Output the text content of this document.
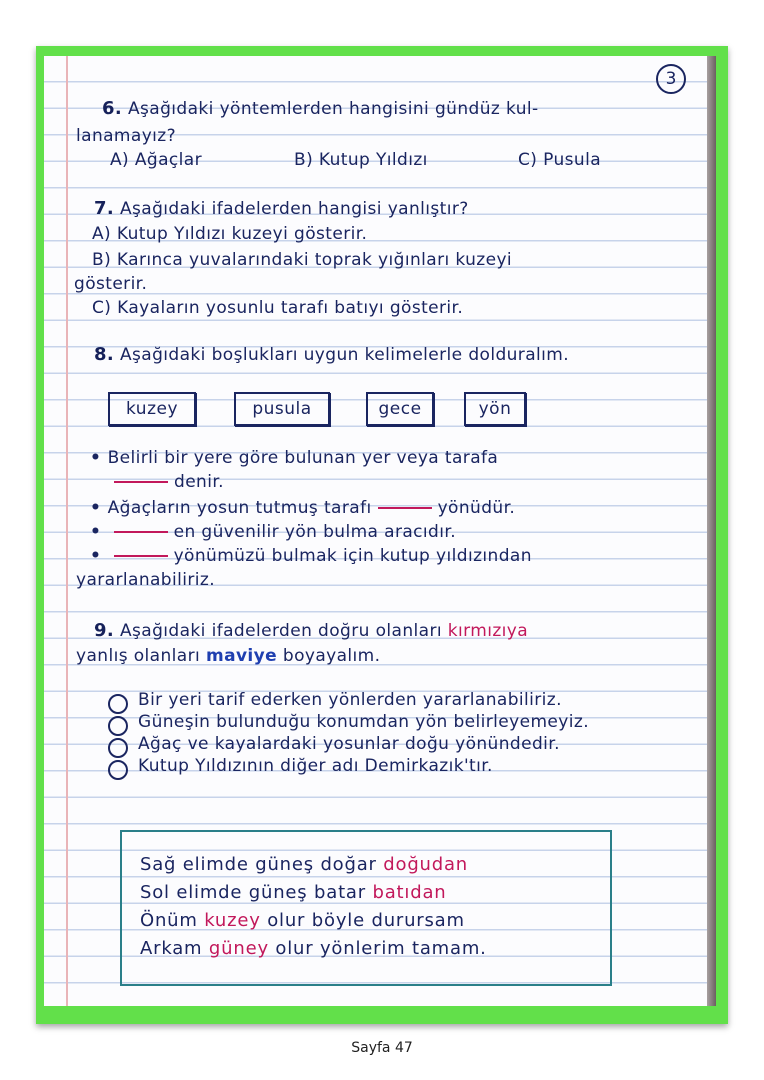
3
6. Aşağıdaki yöntemlerden hangisini gündüz kul-
lanamayız?
A) Ağaçlar	B) Kutup Yıldızı	C) Pusula
7. Aşağıdaki ifadelerden hangisi yanlıştır?
A) Kutup Yıldızı kuzeyi gösterir.
B) Karınca yuvalarındaki toprak yığınları kuzeyi
gösterir.
C) Kayaların yosunlu tarafı batıyı gösterir.
8. Aşağıdaki boşlukları uygun kelimelerle dolduralım.
kuzey	pusula	gece	yön
• Belirli bir yere göre bulunan yer veya tarafa
denir.
• Ağaçların yosun tutmuş tarafı	yönüdür.
• en güvenilir yön bulma aracıdır.
• yönümüzü bulmak için kutup yıldızından
yararlanabiliriz.
9. Aşağıdaki ifadelerden doğru olanları kırmızıya
yanlış olanları maviye boyayalım.
Bir yeri tarif ederken yönlerden yararlanabiliriz.
Güneşin bulunduğu konumdan yön belirleyemeyiz.
Ağaç ve kayalardaki yosunlar doğu yönündedir.
Kutup Yıldızının diğer adı Demirkazık'tır.
Sağ elimde güneş doğar doğudan
Sol elimde güneş batar batıdan
Önüm kuzey olur böyle durursam
Arkam güney olur yönlerim tamam.
Sayfa 47
